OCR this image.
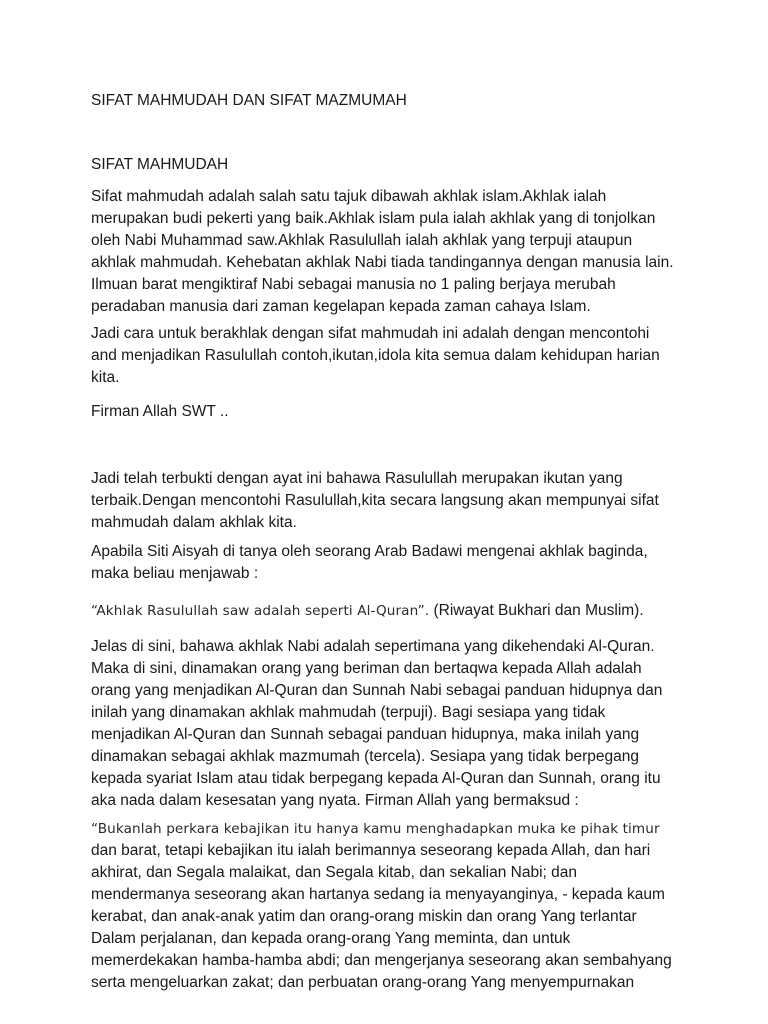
SIFAT MAHMUDAH DAN SIFAT MAZMUMAH
SIFAT MAHMUDAH
Sifat mahmudah adalah salah satu tajuk dibawah akhlak islam.Akhlak ialah
merupakan budi pekerti yang baik.Akhlak islam pula ialah akhlak yang di tonjolkan
oleh Nabi Muhammad saw.Akhlak Rasulullah ialah akhlak yang terpuji ataupun
akhlak mahmudah. Kehebatan akhlak Nabi tiada tandingannya dengan manusia lain.
Ilmuan barat mengiktiraf Nabi sebagai manusia no 1 paling berjaya merubah
peradaban manusia dari zaman kegelapan kepada zaman cahaya Islam.
Jadi cara untuk berakhlak dengan sifat mahmudah ini adalah dengan mencontohi
and menjadikan Rasulullah contoh,ikutan,idola kita semua dalam kehidupan harian
kita.
Firman Allah SWT ..
Jadi telah terbukti dengan ayat ini bahawa Rasulullah merupakan ikutan yang
terbaik.Dengan mencontohi Rasulullah,kita secara langsung akan mempunyai sifat
mahmudah dalam akhlak kita.
Apabila Siti Aisyah di tanya oleh seorang Arab Badawi mengenai akhlak baginda,
maka beliau menjawab :
“Akhlak Rasulullah saw adalah seperti Al-Quran”. (Riwayat Bukhari dan Muslim).
Jelas di sini, bahawa akhlak Nabi adalah sepertimana yang dikehendaki Al-Quran.
Maka di sini, dinamakan orang yang beriman dan bertaqwa kepada Allah adalah
orang yang menjadikan Al-Quran dan Sunnah Nabi sebagai panduan hidupnya dan
inilah yang dinamakan akhlak mahmudah (terpuji). Bagi sesiapa yang tidak
menjadikan Al-Quran dan Sunnah sebagai panduan hidupnya, maka inilah yang
dinamakan sebagai akhlak mazmumah (tercela). Sesiapa yang tidak berpegang
kepada syariat Islam atau tidak berpegang kepada Al-Quran dan Sunnah, orang itu
aka nada dalam kesesatan yang nyata. Firman Allah yang bermaksud :
“Bukanlah perkara kebajikan itu hanya kamu menghadapkan muka ke pihak timur
dan barat, tetapi kebajikan itu ialah berimannya seseorang kepada Allah, dan hari
akhirat, dan Segala malaikat, dan Segala kitab, dan sekalian Nabi; dan
mendermanya seseorang akan hartanya sedang ia menyayanginya, - kepada kaum
kerabat, dan anak-anak yatim dan orang-orang miskin dan orang Yang terlantar
Dalam perjalanan, dan kepada orang-orang Yang meminta, dan untuk
memerdekakan hamba-hamba abdi; dan mengerjanya seseorang akan sembahyang
serta mengeluarkan zakat; dan perbuatan orang-orang Yang menyempurnakan
